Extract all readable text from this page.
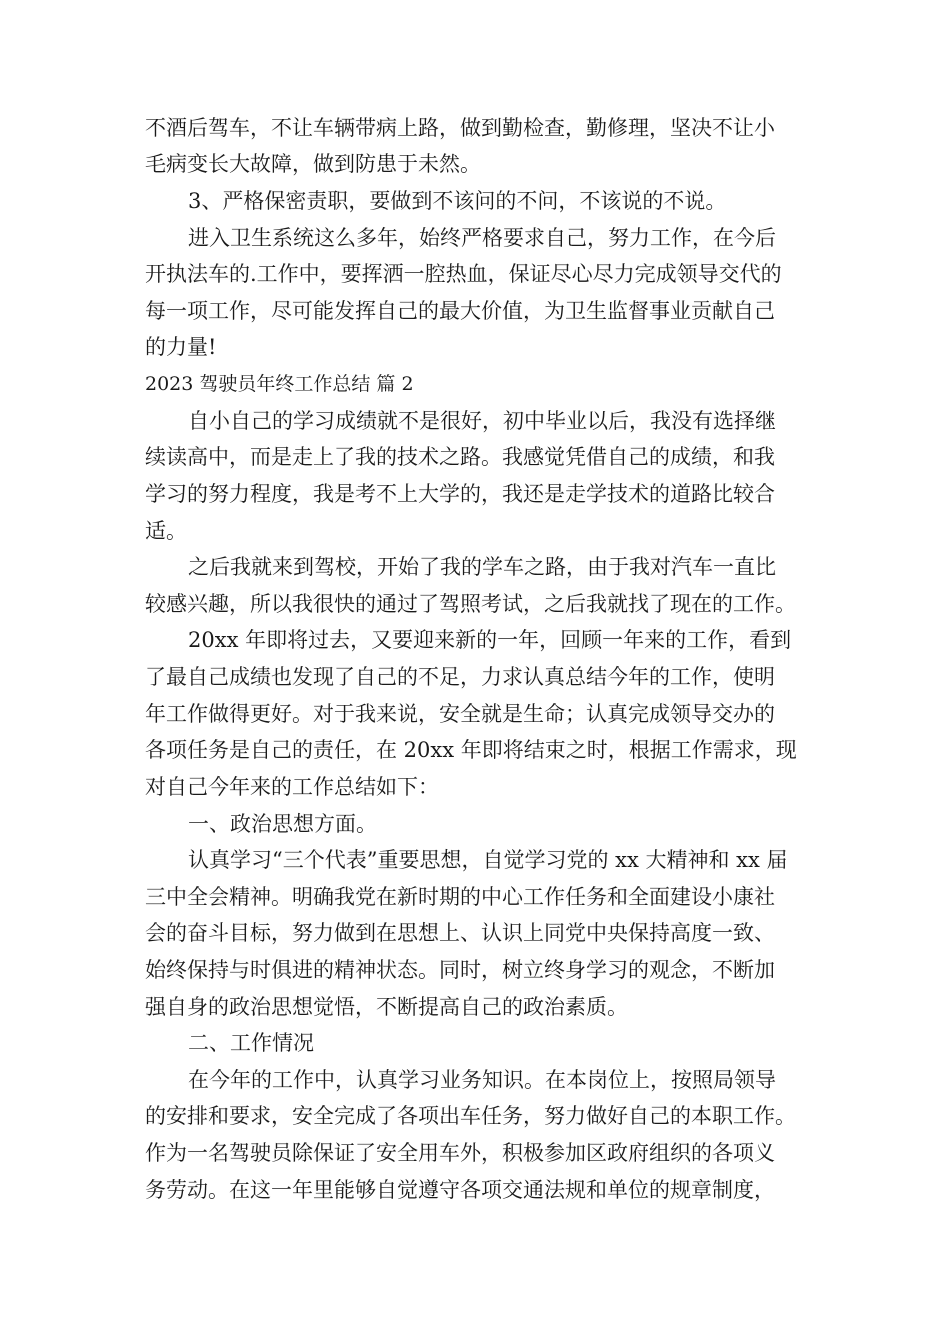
不酒后驾车，不让车辆带病上路，做到勤检查，勤修理，坚决不让小

毛病变长大故障，做到防患于未然。

3、严格保密责职，要做到不该问的不问，不该说的不说。

进入卫生系统这么多年，始终严格要求自己，努力工作，在今后

开执法车的.工作中，要挥洒一腔热血，保证尽心尽力完成领导交代的

每一项工作，尽可能发挥自己的最大价值，为卫生监督事业贡献自己

的力量!

2023 驾驶员年终工作总结 篇 2

自小自己的学习成绩就不是很好，初中毕业以后，我没有选择继

续读高中，而是走上了我的技术之路。我感觉凭借自己的成绩，和我

学习的努力程度，我是考不上大学的，我还是走学技术的道路比较合

适。

之后我就来到驾校，开始了我的学车之路，由于我对汽车一直比

较感兴趣，所以我很快的通过了驾照考试，之后我就找了现在的工作。

20xx 年即将过去，又要迎来新的一年，回顾一年来的工作，看到

了最自己成绩也发现了自己的不足，力求认真总结今年的工作，使明

年工作做得更好。对于我来说，安全就是生命；认真完成领导交办的

各项任务是自己的责任，在 20xx 年即将结束之时，根据工作需求，现

对自己今年来的工作总结如下：

一、政治思想方面。

认真学习“三个代表”重要思想，自觉学习党的 xx 大精神和 xx 届

三中全会精神。明确我党在新时期的中心工作任务和全面建设小康社

会的奋斗目标，努力做到在思想上、认识上同党中央保持高度一致、

始终保持与时俱进的精神状态。同时，树立终身学习的观念，不断加

强自身的政治思想觉悟，不断提高自己的政治素质。

二、工作情况

在今年的工作中，认真学习业务知识。在本岗位上，按照局领导

的安排和要求，安全完成了各项出车任务，努力做好自己的本职工作。

作为一名驾驶员除保证了安全用车外，积极参加区政府组织的各项义

务劳动。在这一年里能够自觉遵守各项交通法规和单位的规章制度，
